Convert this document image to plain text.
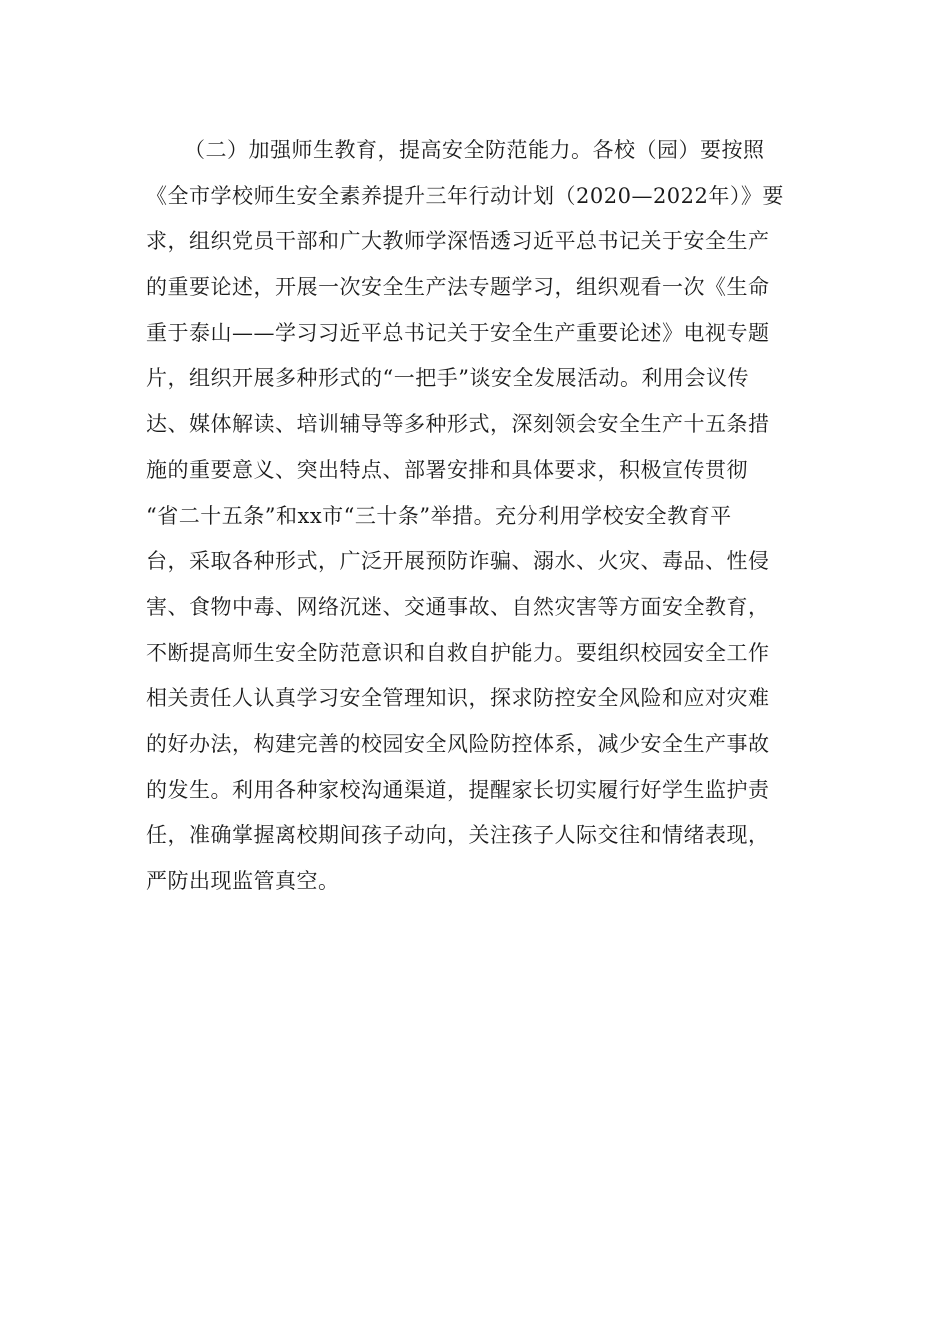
（二）加强师生教育，提高安全防范能力。各校（园）要按照
《全市学校师生安全素养提升三年行动计划（2020—2022年）》要
求，组织党员干部和广大教师学深悟透习近平总书记关于安全生产
的重要论述，开展一次安全生产法专题学习，组织观看一次《生命
重于泰山——学习习近平总书记关于安全生产重要论述》电视专题
片，组织开展多种形式的“一把手”谈安全发展活动。利用会议传
达、媒体解读、培训辅导等多种形式，深刻领会安全生产十五条措
施的重要意义、突出特点、部署安排和具体要求，积极宣传贯彻
“省二十五条”和xx市“三十条”举措。充分利用学校安全教育平
台，采取各种形式，广泛开展预防诈骗、溺水、火灾、毒品、性侵
害、食物中毒、网络沉迷、交通事故、自然灾害等方面安全教育，
不断提高师生安全防范意识和自救自护能力。要组织校园安全工作
相关责任人认真学习安全管理知识，探求防控安全风险和应对灾难
的好办法，构建完善的校园安全风险防控体系，减少安全生产事故
的发生。利用各种家校沟通渠道，提醒家长切实履行好学生监护责
任，准确掌握离校期间孩子动向，关注孩子人际交往和情绪表现，
严防出现监管真空。
